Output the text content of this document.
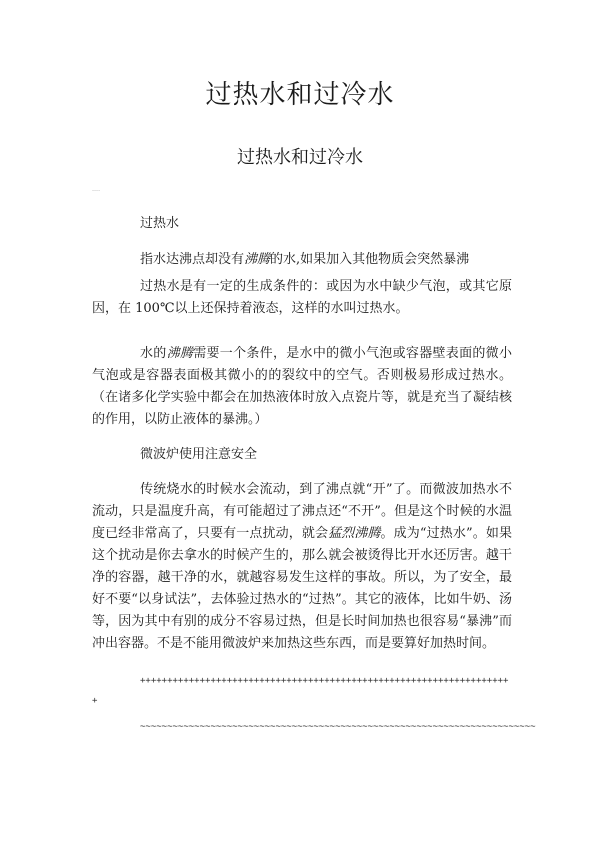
过热水和过冷水
过热水和过冷水
----
过热水
指水达沸点却没有沸腾的水,如果加入其他物质会突然暴沸

过热水是有一定的生成条件的：或因为水中缺少气泡，或其它原因，在 100℃以上还保持着液态，这样的水叫过热水。

水的沸腾需要一个条件，是水中的微小气泡或容器壁表面的微小气泡或是容器表面极其微小的的裂纹中的空气。否则极易形成过热水。（在诸多化学实验中都会在加热液体时放入点瓷片等，就是充当了凝结核的作用，以防止液体的暴沸。）

微波炉使用注意安全

传统烧水的时候水会流动，到了沸点就“开”了。而微波加热水不流动，只是温度升高，有可能超过了沸点还“不开”。但是这个时候的水温度已经非常高了，只要有一点扰动，就会猛烈沸腾。成为“过热水”。如果这个扰动是你去拿水的时候产生的，那么就会被烫得比开水还厉害。越干净的容器，越干净的水，就越容易发生这样的事故。所以，为了安全，最好不要“以身试法”，去体验过热水的“过热”。其它的液体，比如牛奶、汤等，因为其中有别的成分不容易过热，但是长时间加热也很容易“暴沸”而冲出容器。不是不能用微波炉来加热这些东西，而是要算好加热时间。

+++++++++++++++++++++++++++++++++++++++++++++++++++++++++++++++++++++
~~~~~~~~~~~~~~~~~~~~~~~~~~~~~~~~~~~~~~~~~~~~~~~~~~~~~~~~~~~~~~~~~~~~~~~~~
